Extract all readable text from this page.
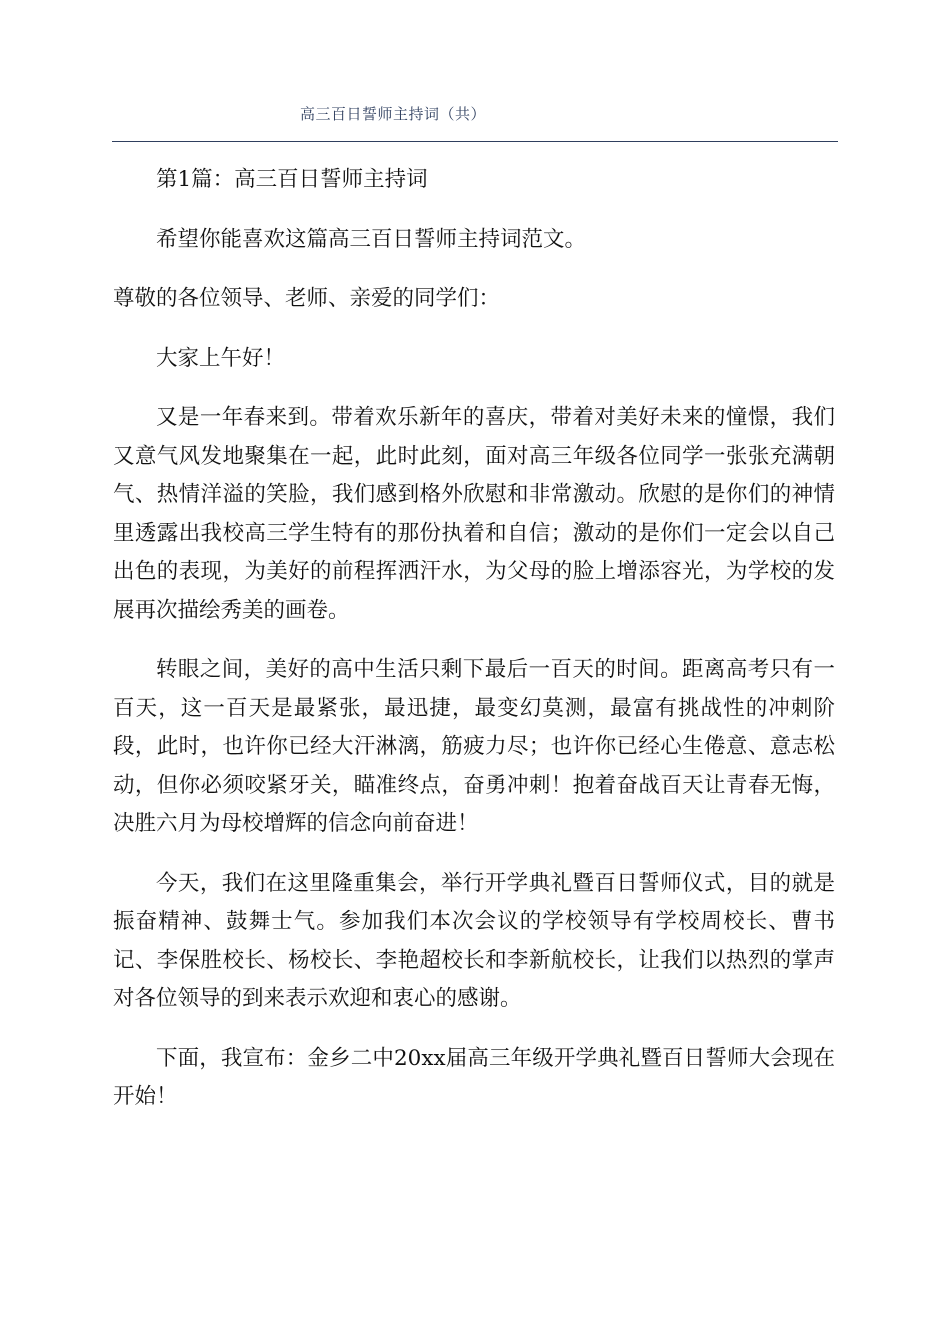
高三百日誓师主持词（共）

第1篇：高三百日誓师主持词

希望你能喜欢这篇高三百日誓师主持词范文。

尊敬的各位领导、老师、亲爱的同学们：

大家上午好！

又是一年春来到。带着欢乐新年的喜庆，带着对美好未来的憧憬，我们又意气风发地聚集在一起，此时此刻，面对高三年级各位同学一张张充满朝气、热情洋溢的笑脸，我们感到格外欣慰和非常激动。欣慰的是你们的神情里透露出我校高三学生特有的那份执着和自信；激动的是你们一定会以自己出色的表现，为美好的前程挥洒汗水，为父母的脸上增添容光，为学校的发展再次描绘秀美的画卷。

转眼之间，美好的高中生活只剩下最后一百天的时间。距离高考只有一百天，这一百天是最紧张，最迅捷，最变幻莫测，最富有挑战性的冲刺阶段，此时，也许你已经大汗淋漓，筋疲力尽；也许你已经心生倦意、意志松动，但你必须咬紧牙关，瞄准终点，奋勇冲刺！抱着奋战百天让青春无悔，决胜六月为母校增辉的信念向前奋进！

今天，我们在这里隆重集会，举行开学典礼暨百日誓师仪式，目的就是振奋精神、鼓舞士气。参加我们本次会议的学校领导有学校周校长、曹书记、李保胜校长、杨校长、李艳超校长和李新航校长，让我们以热烈的掌声对各位领导的到来表示欢迎和衷心的感谢。

下面，我宣布：金乡二中20xx届高三年级开学典礼暨百日誓师大会现在开始！
